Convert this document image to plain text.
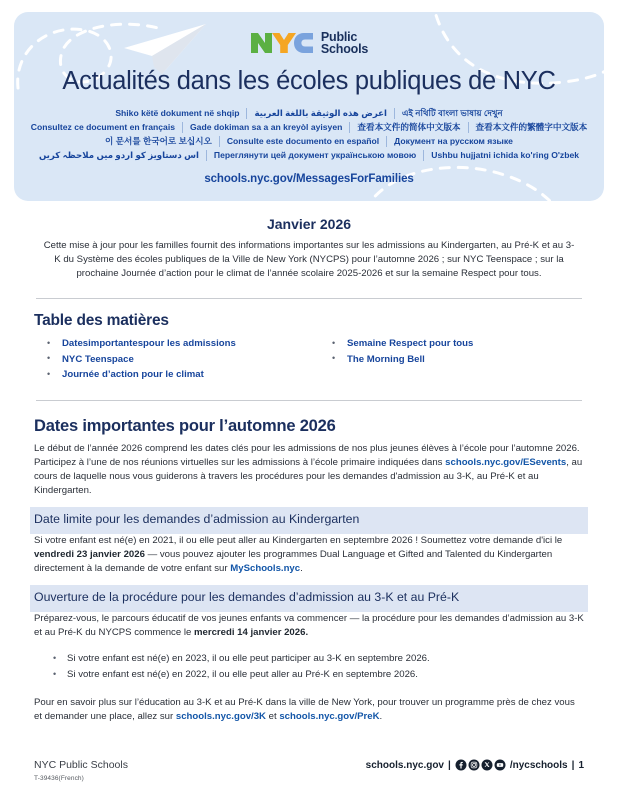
Public
Schools
Actualités dans les écoles publiques de NYC
Shiko këtë dokument në shqip	اعرض هذه الوثيقة باللغة العربية	এই নথিটি বাংলা ভাষায় দেখুন
Consultez ce document en français	Gade dokiman sa a an kreyòl ayisyen	查看本文件的简体中文版本	查看本文件的繁體字中文版本
이 문서를 한국어로 보십시오	Consulte este documento en español	Документ на русском языке
اس دستاویز کو اردو میں ملاحظہ کریں	Переглянути цей документ українською мовою	Ushbu hujjatni ichida ko'ring O'zbek
schools.nyc.gov/MessagesForFamilies
Janvier 2026
Cette mise à jour pour les familles fournit des informations importantes sur les admissions au Kindergarten, au Pré-K et au 3-K du Système des écoles publiques de la Ville de New York (NYCPS) pour l’automne 2026 ; sur NYC Teenspace ; sur la prochaine Journée d’action pour le climat de l’année scolaire 2025-2026 et sur la semaine Respect pour tous.
Table des matières
• Datesimportantespour les admissions
• NYC Teenspace
• Journée d’action pour le climat
• Semaine Respect pour tous
• The Morning Bell
Dates importantes pour l’automne 2026

Le début de l’année 2026 comprend les dates clés pour les admissions de nos plus jeunes élèves à l’école pour l’automne 2026. Participez à l’une de nos réunions virtuelles sur les admissions à l’école primaire indiquées dans schools.nyc.gov/ESevents, au cours de laquelle nous vous guiderons à travers les procédures pour les demandes d'admission au 3-K, au Pré-K et au Kindergarten.

Date limite pour les demandes d’admission au Kindergarten

Si votre enfant est né(e) en 2021, il ou elle peut aller au Kindergarten en septembre 2026 ! Soumettez votre demande d'ici le vendredi 23 janvier 2026 — vous pouvez ajouter les programmes Dual Language et Gifted and Talented du Kindergarten directement à la demande de votre enfant sur MySchools.nyc.

Ouverture de la procédure pour les demandes d’admission au 3-K et au Pré-K

Préparez-vous, le parcours éducatif de vos jeunes enfants va commencer — la procédure pour les demandes d’admission au 3-K et au Pré-K du NYCPS commence le mercredi 14 janvier 2026.

• Si votre enfant est né(e) en 2023, il ou elle peut participer au 3-K en septembre 2026.
• Si votre enfant est né(e) en 2022, il ou elle peut aller au Pré-K en septembre 2026.

Pour en savoir plus sur l’éducation au 3-K et au Pré-K dans la ville de New York, pour trouver un programme près de chez vous et demander une place, allez sur schools.nyc.gov/3K et schools.nyc.gov/PreK.

NYC Public Schools	schools.nyc.gov |	/nycschools | 1
T-39436(French)
